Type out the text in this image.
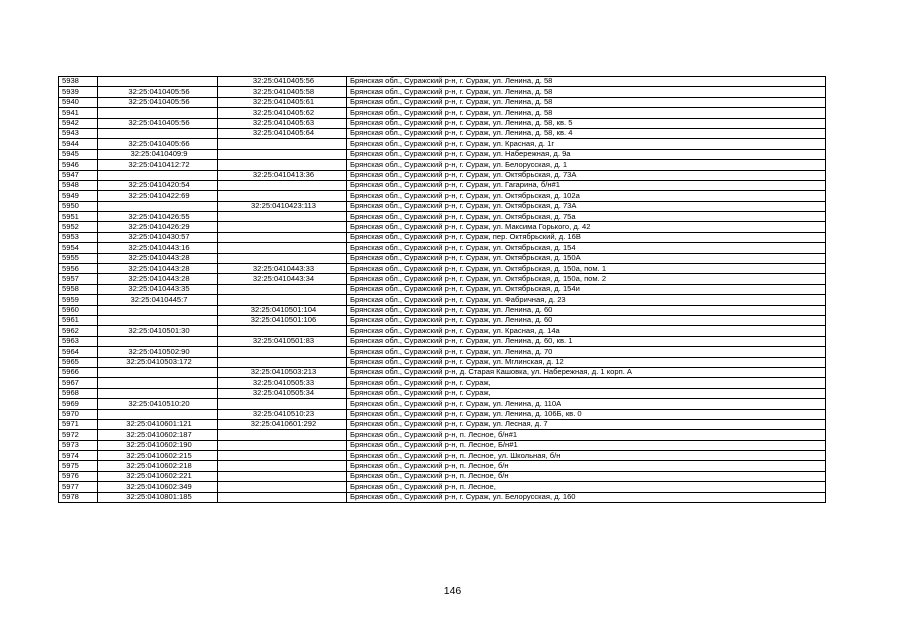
5938		32:25:0410405:56	Брянская обл., Суражский р-н, г. Сураж, ул. Ленина, д. 58
5939	32:25:0410405:56	32:25:0410405:58	Брянская обл., Суражский р-н, г. Сураж, ул. Ленина, д. 58
5940	32:25:0410405:56	32:25:0410405:61	Брянская обл., Суражский р-н, г. Сураж, ул. Ленина, д. 58
5941		32:25:0410405:62	Брянская обл., Суражский р-н, г. Сураж, ул. Ленина, д. 58
5942	32:25:0410405:56	32:25:0410405:63	Брянская обл., Суражский р-н, г. Сураж, ул. Ленина, д. 58, кв. 5
5943		32:25:0410405:64	Брянская обл., Суражский р-н, г. Сураж, ул. Ленина, д. 58, кв. 4
5944	32:25:0410405:66		Брянская обл., Суражский р-н, г. Сураж, ул. Красная, д. 1г
5945	32:25:0410409:9		Брянская обл., Суражский р-н, г. Сураж, ул. Набережная, д. 9а
5946	32:25:0410412:72		Брянская обл., Суражский р-н, г. Сураж, ул. Белорусская, д. 1
5947		32:25:0410413:36	Брянская обл., Суражский р-н, г. Сураж, ул. Октябрьская, д. 73А
5948	32:25:0410420:54		Брянская обл., Суражский р-н, г. Сураж, ул. Гагарина, б/н#1
5949	32:25:0410422:69		Брянская обл., Суражский р-н, г. Сураж, ул. Октябрьская, д. 102а
5950		32:25:0410423:113	Брянская обл., Суражский р-н, г. Сураж, ул. Октябрьская, д. 73А
5951	32:25:0410426:55		Брянская обл., Суражский р-н, г. Сураж, ул. Октябрьская, д. 75а
5952	32:25:0410426:29		Брянская обл., Суражский р-н, г. Сураж, ул. Максима Горького, д. 42
5953	32:25:0410430:57		Брянская обл., Суражский р-н, г. Сураж, пер. Октябрьский, д. 16В
5954	32:25:0410443:16		Брянская обл., Суражский р-н, г. Сураж, ул. Октябрьская, д. 154
5955	32:25:0410443:28		Брянская обл., Суражский р-н, г. Сураж, ул. Октябрьская, д. 150А
5956	32:25:0410443:28	32:25:0410443:33	Брянская обл., Суражский р-н, г. Сураж, ул. Октябрьская, д. 150а, пом. 1
5957	32:25:0410443:28	32:25:0410443:34	Брянская обл., Суражский р-н, г. Сураж, ул. Октябрьская, д. 150а, пом. 2
5958	32:25:0410443:35		Брянская обл., Суражский р-н, г. Сураж, ул. Октябрьская, д. 154и
5959	32:25:0410445:7		Брянская обл., Суражский р-н, г. Сураж, ул. Фабричная, д. 23
5960		32:25:0410501:104	Брянская обл., Суражский р-н, г. Сураж, ул. Ленина, д. 60
5961		32:25:0410501:106	Брянская обл., Суражский р-н, г. Сураж, ул. Ленина, д. 60
5962	32:25:0410501:30		Брянская обл., Суражский р-н, г. Сураж, ул. Красная, д. 14а
5963		32:25:0410501:83	Брянская обл., Суражский р-н, г. Сураж, ул. Ленина, д. 60, кв. 1
5964	32:25:0410502:90		Брянская обл., Суражский р-н, г. Сураж, ул. Ленина, д. 70
5965	32:25:0410503:172		Брянская обл., Суражский р-н, г. Сураж, ул. Мглинская, д. 12
5966		32:25:0410503:213	Брянская обл., Суражский р-н, д. Старая Кашовка, ул. Набережная, д. 1 корп. А
5967		32:25:0410505:33	Брянская обл., Суражский р-н, г. Сураж,
5968		32:25:0410505:34	Брянская обл., Суражский р-н, г. Сураж,
5969	32:25:0410510:20		Брянская обл., Суражский р-н, г. Сураж, ул. Ленина, д. 110А
5970		32:25:0410510:23	Брянская обл., Суражский р-н, г. Сураж, ул. Ленина, д. 106Б, кв. 0
5971	32:25:0410601:121	32:25:0410601:292	Брянская обл., Суражский р-н, г. Сураж, ул. Лесная, д. 7
5972	32:25:0410602:187		Брянская обл., Суражский р-н, п. Лесное, б/н#1
5973	32:25:0410602:190		Брянская обл., Суражский р-н, п. Лесное, Б/н#1
5974	32:25:0410602:215		Брянская обл., Суражский р-н, п. Лесное, ул. Школьная, б/н
5975	32:25:0410602:218		Брянская обл., Суражский р-н, п. Лесное, б/н
5976	32:25:0410602:221		Брянская обл., Суражский р-н, п. Лесное, б/н
5977	32:25:0410602:349		Брянская обл., Суражский р-н, п. Лесное,
5978	32:25:0410801:185		Брянская обл., Суражский р-н, г. Сураж, ул. Белорусская, д. 160
146
